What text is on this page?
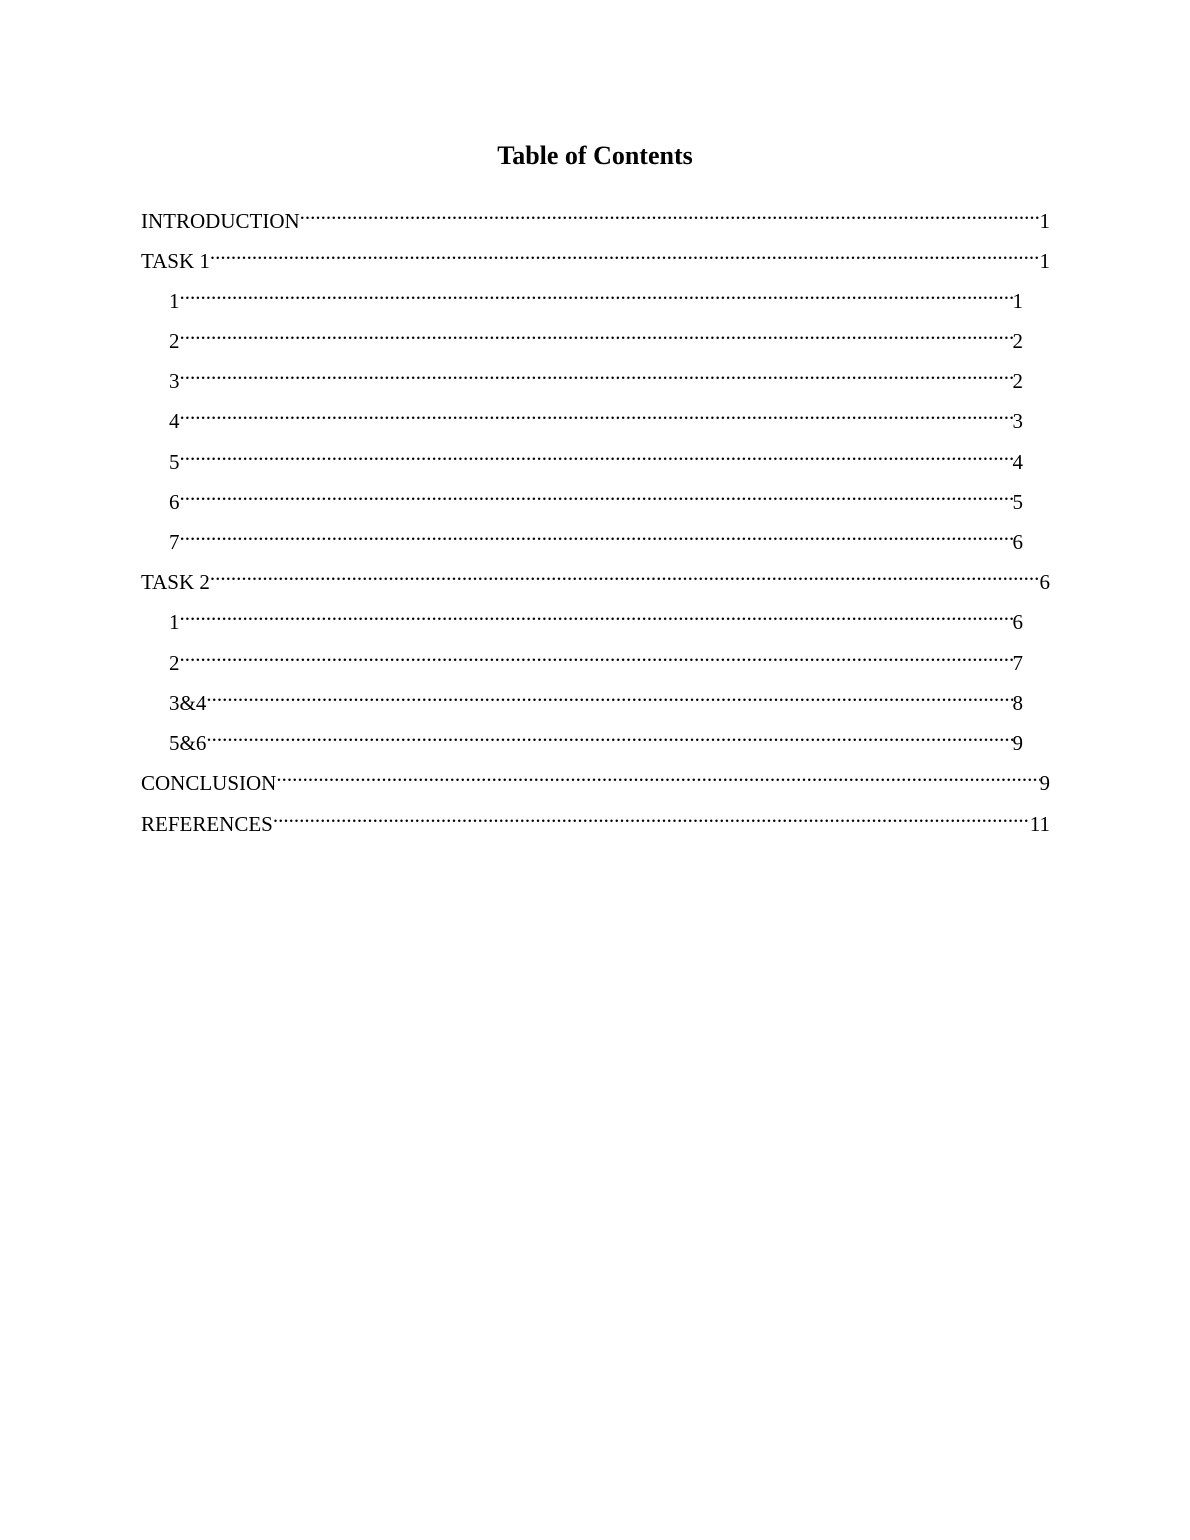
Table of Contents
INTRODUCTION .....	1
TASK 1 .....	1
1 .....	1
2 .....	2
3 .....	2
4 .....	3
5 .....	4
6 .....	5
7 .....	6
TASK 2 .....	6
1 .....	6
2 .....	7
3&4 .....	8
5&6 .....	9
CONCLUSION .....	9
REFERENCES .....	11
